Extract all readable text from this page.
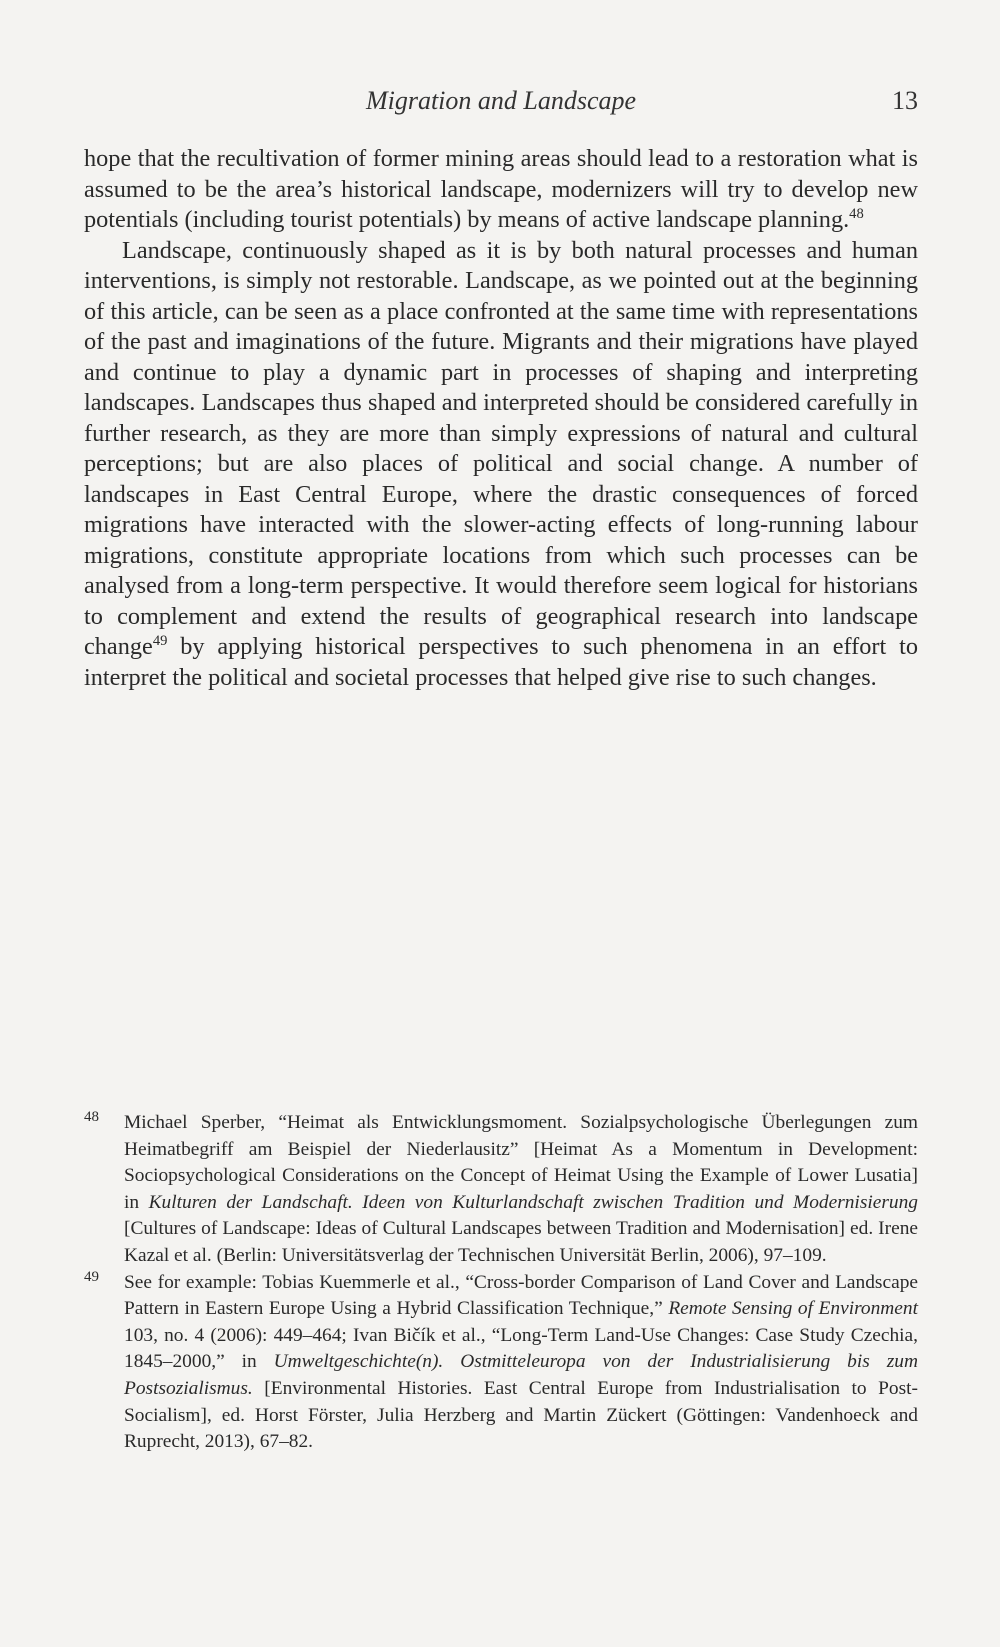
Migration and Landscape	13

hope that the recultivation of former mining areas should lead to a restoration what is assumed to be the area’s historical landscape, modernizers will try to develop new potentials (including tourist potentials) by means of active landscape planning.$^{48}$

Landscape, continuously shaped as it is by both natural processes and human interventions, is simply not restorable. Landscape, as we pointed out at the beginning of this article, can be seen as a place confronted at the same time with representations of the past and imaginations of the future. Migrants and their migrations have played and continue to play a dynamic part in processes of shaping and interpreting landscapes. Landscapes thus shaped and interpreted should be considered carefully in further research, as they are more than simply expressions of natural and cultural perceptions; but are also places of political and social change. A number of landscapes in East Central Europe, where the drastic consequences of forced migrations have interacted with the slower-acting effects of long-running labour migrations, constitute appropriate locations from which such processes can be analysed from a long-term perspective. It would therefore seem logical for historians to complement and extend the results of geographical research into landscape change$^{49}$ by applying historical perspectives to such phenomena in an effort to interpret the political and societal processes that helped give rise to such changes.

48 Michael Sperber, “Heimat als Entwicklungsmoment. Sozialpsychologische Überlegungen zum Heimatbegriff am Beispiel der Niederlausitz” [Heimat As a Momentum in Development: Sociopsychological Considerations on the Concept of Heimat Using the Example of Lower Lusatia] in Kulturen der Landschaft. Ideen von Kulturlandschaft zwischen Tradition und Modernisierung [Cultures of Landscape: Ideas of Cultural Landscapes between Tradition and Modernisation] ed. Irene Kazal et al. (Berlin: Universitätsverlag der Technischen Universität Berlin, 2006), 97–109.
49 See for example: Tobias Kuemmerle et al., “Cross-border Comparison of Land Cover and Landscape Pattern in Eastern Europe Using a Hybrid Classification Technique,” Remote Sensing of Environment 103, no. 4 (2006): 449–464; Ivan Bičík et al., “Long-Term Land-Use Changes: Case Study Czechia, 1845–2000,” in Umweltgeschichte(n). Ostmitteleuropa von der Industrialisierung bis zum Postsozialismus. [Environmental Histories. East Central Europe from Industrialisation to Post-Socialism], ed. Horst Förster, Julia Herzberg and Martin Zückert (Göttingen: Vandenhoeck and Ruprecht, 2013), 67–82.
